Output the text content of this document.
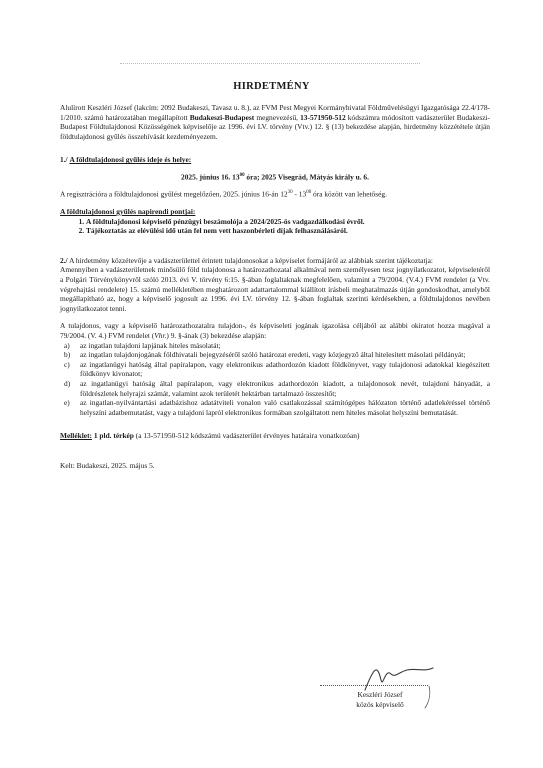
HIRDETMÉNY

Alulírott Keszléri József (lakcím: 2092 Budakeszi, Tavasz u. 8.), az FVM Pest Megyei Kormányhivatal Földművelésügyi Igazgatósága 22.4/178-1/2010. számú határozatában megállapított Budakeszi-Budapest megnevezésű, 13-571950-512 kódszámra módosított vadászterület Budakeszi-Budapest Földtulajdonosi Közösségének képviselője az 1996. évi LV. törvény (Vtv.) 12. § (13) bekezdése alapján, hirdetmény közzététele útján földtulajdonosi gyűlés összehívását kezdeményezem.

1./ A földtulajdonosi gyűlés ideje és helye:

2025. június 16. $13^{00}$ óra; 2025 Visegrád, Mátyás király u. 6.

A regisztrációra a földtulajdonosi gyűlést megelőzően, 2025. június 16-án $12^{30} - 13^{00}$ óra között van lehetőség.

A földtulajdonosi gyűlés napirendi pontjai:

1. A földtulajdonosi képviselő pénzügyi beszámolója a 2024/2025-ös vadgazdálkodási évről.
2. Tájékoztatás az elévülési idő után fel nem vett haszonbérleti díjak felhasználásáról.

2./ A hirdetmény közzétevője a vadászterülettel érintett tulajdonosokat a képviselet formájáról az alábbiak szerint tájékoztatja:

Amennyiben a vadászterületnek minősülő föld tulajdonosa a határozathozatal alkalmával nem személyesen tesz jognyilatkozatot, képviseletéről a Polgári Törvénykönyvről szóló 2013. évi V. törvény 6:15. §-ában foglaltaknak megfelelően, valamint a 79/2004. (V.4.) FVM rendelet (a Vtv. végrehajtási rendelete) 15. számú mellékletében meghatározott adattartalommal kiállított írásbeli meghatalmazás útján gondoskodhat, amelyből megállapítható az, hogy a képviselő jogosult az 1996. évi LV. törvény 12. §-ában foglaltak szerinti kérdésekben, a földtulajdonos nevében jognyilatkozatot tenni.

A tulajdonos, vagy a képviselő határozathozatalra tulajdon-, és képviseleti jogának igazolása céljából az alábbi okiratot hozza magával a 79/2004. (V. 4.) FVM rendelet (Vhr.) 9. §-ának (3) bekezdése alapján:

a)	az ingatlan tulajdoni lapjának hiteles másolatát;
b)	az ingatlan tulajdonjogának földhivatali bejegyzéséről szóló határozat eredeti, vagy közjegyző által hitelesített másolati példányát;
c)	az ingatlanügyi hatóság által papíralapon, vagy elektronikus adathordozón kiadott földkönyvet, vagy tulajdonosi adatokkal kiegészített földkönyv kivonatot;
d)	az ingatlanügyi hatóság által papíralapon, vagy elektronikus adathordozón kiadott, a tulajdonosok nevét, tulajdoni hányadát, a földrészletek helyrajzi számát, valamint azok területét hektárban tartalmazó összesítőt;
e)	az ingatlan-nyilvántartási adatbázishoz adatátviteli vonalon való csatlakozással számítógépes hálózaton történő adatlekéréssel történő helyszíni adatbemutatást, vagy a tulajdoni lapról elektronikus formában szolgáltatott nem hiteles másolat helyszíni bemutatását.

Melléklet: 1 pld. térkép (a 13-571950-512 kódszámú vadászterület érvényes határaira vonatkozóan)

Kelt: Budakeszi, 2025. május 5.

Keszléri József
közös képviselő
